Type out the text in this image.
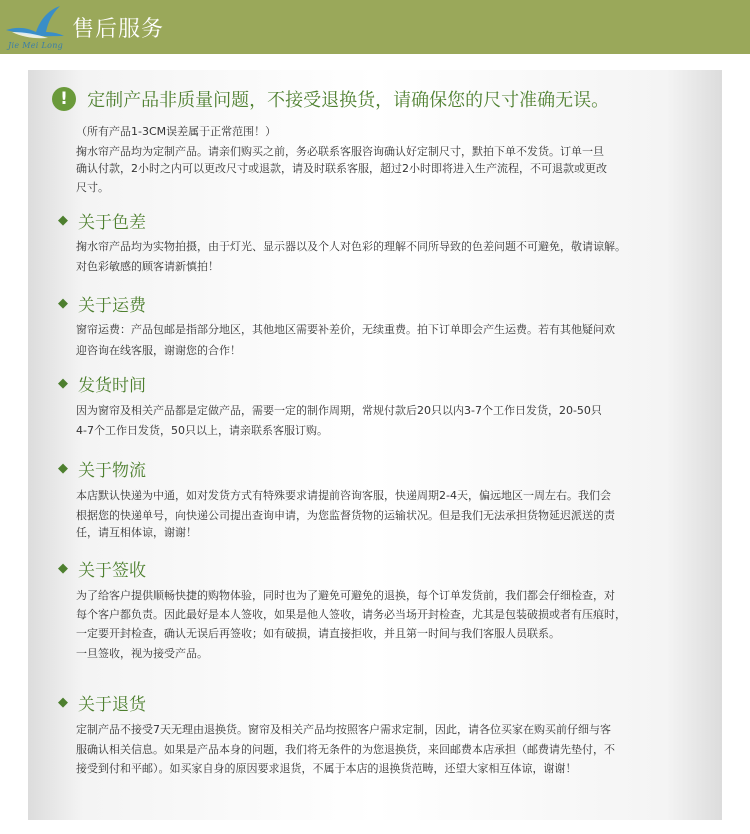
Jie Mei Long
售后服务
! 定制产品非质量问题，不接受退换货，请确保您的尺寸准确无误。
（所有产品1-3CM误差属于正常范围！）
掬水帘产品均为定制产品。请亲们购买之前，务必联系客服咨询确认好定制尺寸，默拍下单不发货。订单一旦
确认付款，2小时之内可以更改尺寸或退款，请及时联系客服，超过2小时即将进入生产流程，不可退款或更改
尺寸。
◆ 关于色差
掬水帘产品均为实物拍摄，由于灯光、显示器以及个人对色彩的理解不同所导致的色差问题不可避免，敬请谅解。
对色彩敏感的顾客请新慎拍！
◆ 关于运费
窗帘运费：产品包邮是指部分地区，其他地区需要补差价，无续重费。拍下订单即会产生运费。若有其他疑问欢
迎咨询在线客服，谢谢您的合作！
◆ 发货时间
因为窗帘及相关产品都是定做产品，需要一定的制作周期，常规付款后20只以内3-7个工作日发货，20-50只
4-7个工作日发货，50只以上，请亲联系客服订购。
◆ 关于物流
本店默认快递为中通，如对发货方式有特殊要求请提前咨询客服，快递周期2-4天，偏远地区一周左右。我们会
根据您的快递单号，向快递公司提出查询申请，为您监督货物的运输状况。但是我们无法承担货物延迟派送的责
任，请互相体谅，谢谢！
◆ 关于签收
为了给客户提供顺畅快捷的购物体验，同时也为了避免可避免的退换，每个订单发货前，我们都会仔细检查，对
每个客户都负责。因此最好是本人签收，如果是他人签收，请务必当场开封检查，尤其是包装破损或者有压痕时，
一定要开封检查，确认无误后再签收；如有破损，请直接拒收，并且第一时间与我们客服人员联系。
一旦签收，视为接受产品。
◆ 关于退货
定制产品不接受7天无理由退换货。窗帘及相关产品均按照客户需求定制，因此，请各位买家在购买前仔细与客
服确认相关信息。如果是产品本身的问题，我们将无条件的为您退换货，来回邮费本店承担（邮费请先垫付，不
接受到付和平邮）。如买家自身的原因要求退货，不属于本店的退换货范畴，还望大家相互体谅，谢谢！
